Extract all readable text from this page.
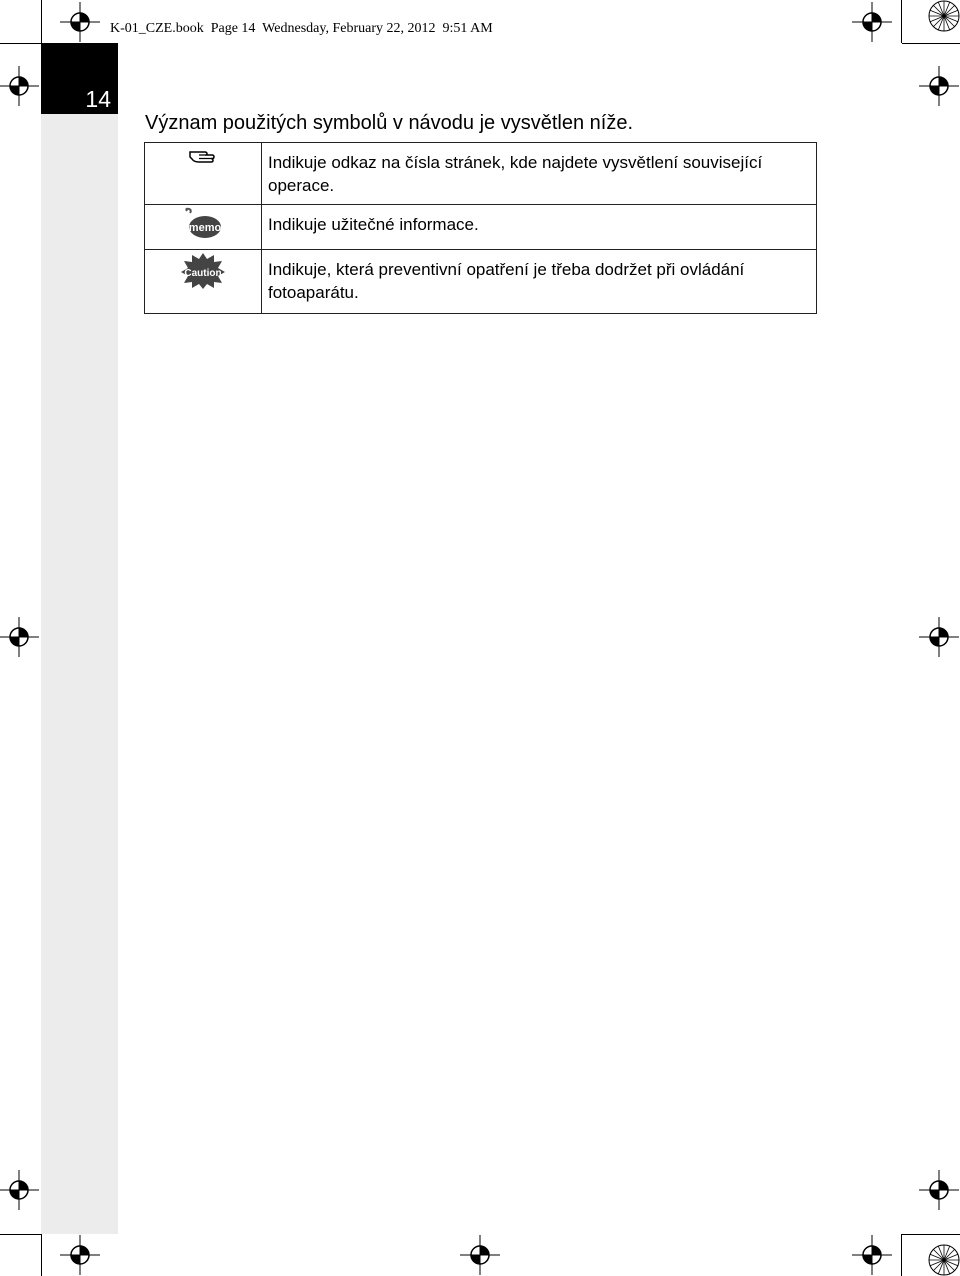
K-01_CZE.book  Page 14  Wednesday, February 22, 2012  9:51 AM
14
Význam použitých symbolů v návodu je vysvětlen níže.
	Indikuje odkaz na čísla stránek, kde najdete vysvětlení související operace.

memo	Indikuje užitečné informace.

Caution	Indikuje, která preventivní opatření je třeba dodržet při ovládání fotoaparátu.
